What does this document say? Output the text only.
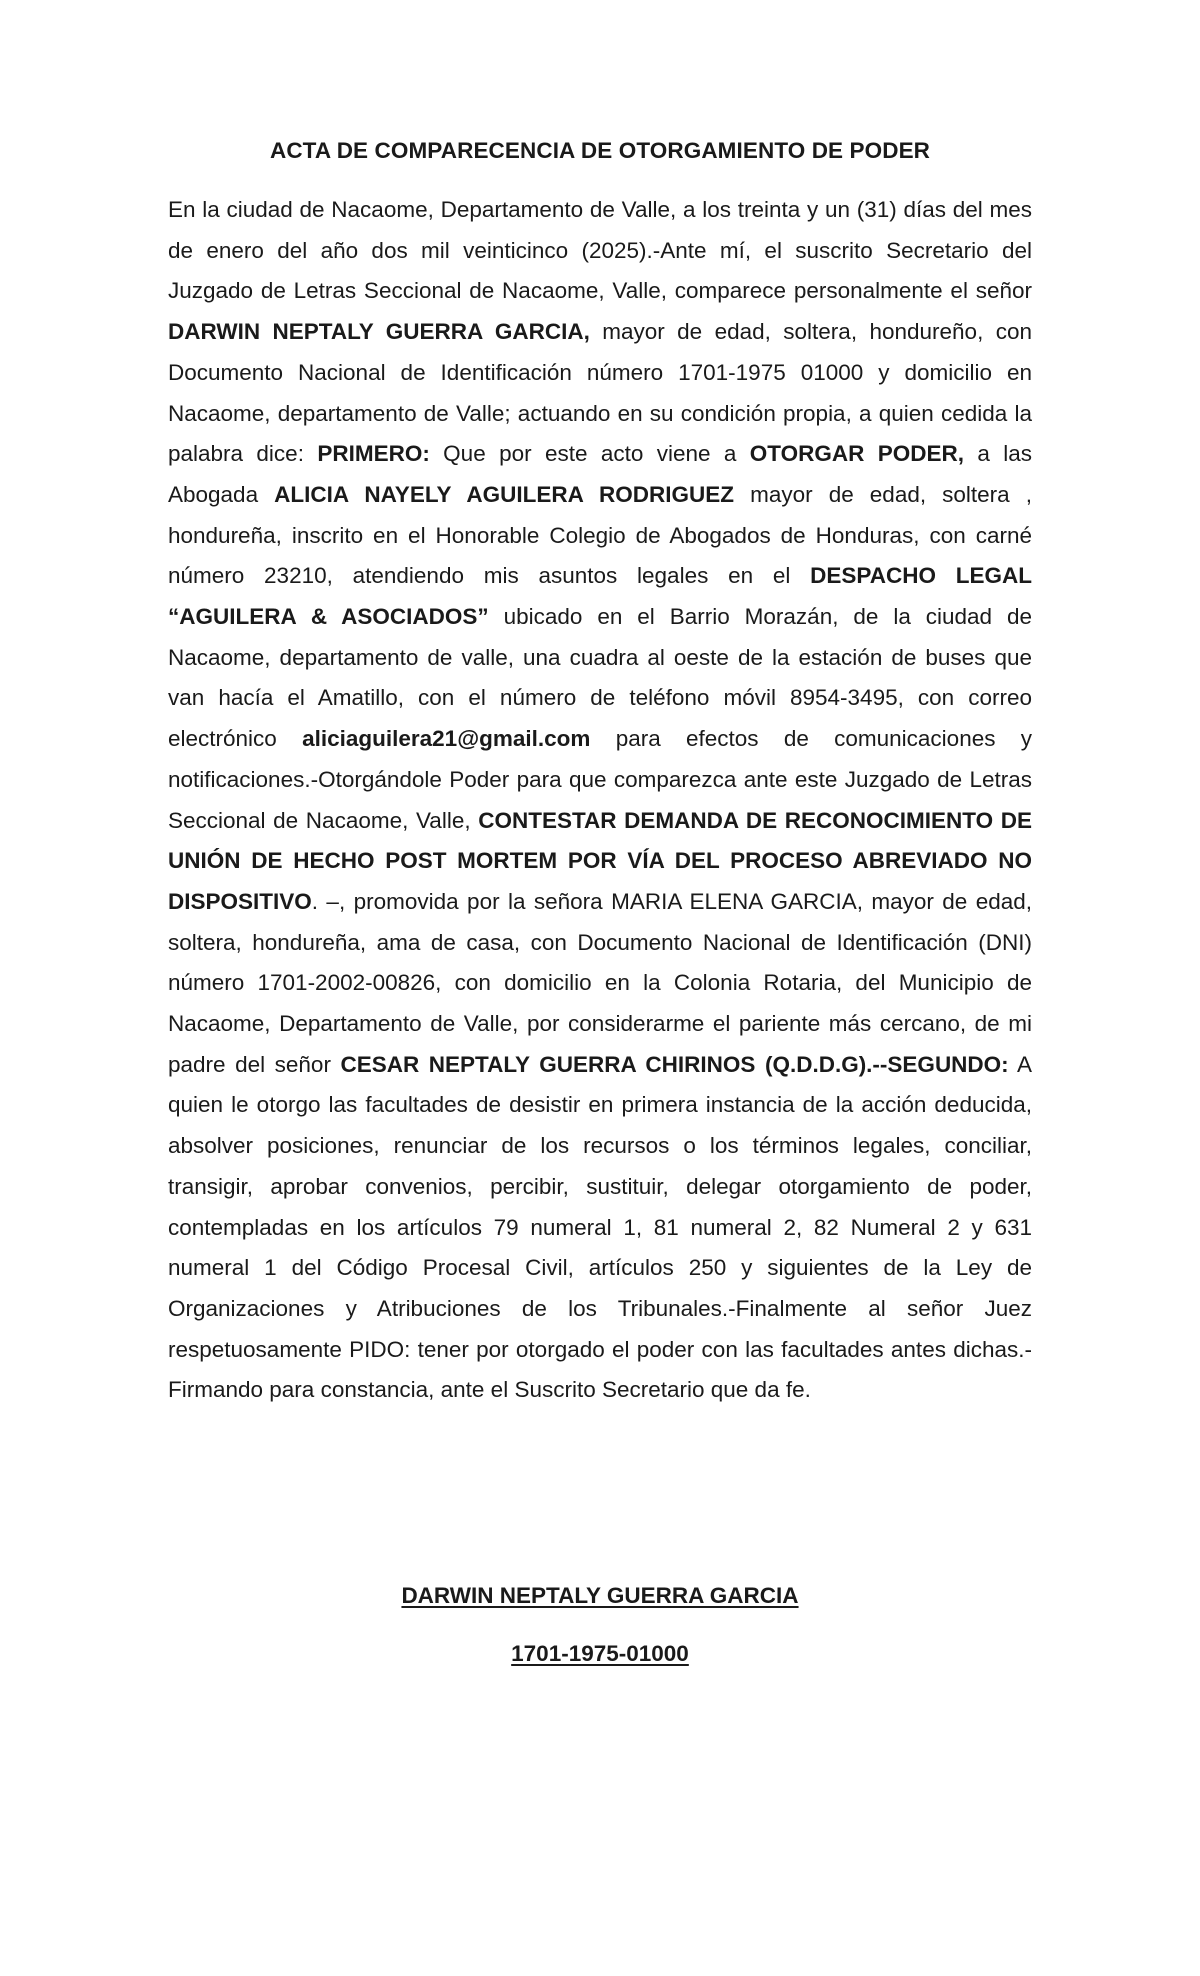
ACTA DE COMPARECENCIA DE OTORGAMIENTO DE PODER

En la ciudad de Nacaome, Departamento de Valle, a los treinta y un (31) días del mes de enero del año dos mil veinticinco (2025).-Ante mí, el suscrito Secretario del Juzgado de Letras Seccional de Nacaome, Valle, comparece personalmente el señor DARWIN NEPTALY GUERRA GARCIA, mayor de edad, soltera, hondureño, con Documento Nacional de Identificación número 1701-1975 01000 y domicilio en Nacaome, departamento de Valle; actuando en su condición propia, a quien cedida la palabra dice: PRIMERO: Que por este acto viene a OTORGAR PODER, a las Abogada ALICIA NAYELY AGUILERA RODRIGUEZ mayor de edad, soltera , hondureña, inscrito en el Honorable Colegio de Abogados de Honduras, con carné número 23210, atendiendo mis asuntos legales en el DESPACHO LEGAL “AGUILERA & ASOCIADOS” ubicado en el Barrio Morazán, de la ciudad de Nacaome, departamento de valle, una cuadra al oeste de la estación de buses que van hacía el Amatillo, con el número de teléfono móvil 8954-3495, con correo electrónico aliciaguilera21@gmail.com para efectos de comunicaciones y notificaciones.-Otorgándole Poder para que comparezca ante este Juzgado de Letras Seccional de Nacaome, Valle, CONTESTAR DEMANDA DE RECONOCIMIENTO DE UNIÓN DE HECHO POST MORTEM POR VÍA DEL PROCESO ABREVIADO NO DISPOSITIVO. –, promovida por la señora MARIA ELENA GARCIA, mayor de edad, soltera, hondureña, ama de casa, con Documento Nacional de Identificación (DNI) número 1701-2002-00826, con domicilio en la Colonia Rotaria, del Municipio de Nacaome, Departamento de Valle, por considerarme el pariente más cercano, de mi padre del señor CESAR NEPTALY GUERRA CHIRINOS (Q.D.D.G).--SEGUNDO: A quien le otorgo las facultades de desistir en primera instancia de la acción deducida, absolver posiciones, renunciar de los recursos o los términos legales, conciliar, transigir, aprobar convenios, percibir, sustituir, delegar otorgamiento de poder, contempladas en los artículos 79 numeral 1, 81 numeral 2, 82 Numeral 2 y 631 numeral 1 del Código Procesal Civil, artículos 250 y siguientes de la Ley de Organizaciones y Atribuciones de los Tribunales.-Finalmente al señor Juez respetuosamente PIDO: tener por otorgado el poder con las facultades antes dichas.-Firmando para constancia, ante el Suscrito Secretario que da fe.

DARWIN NEPTALY GUERRA GARCIA
1701-1975-01000
